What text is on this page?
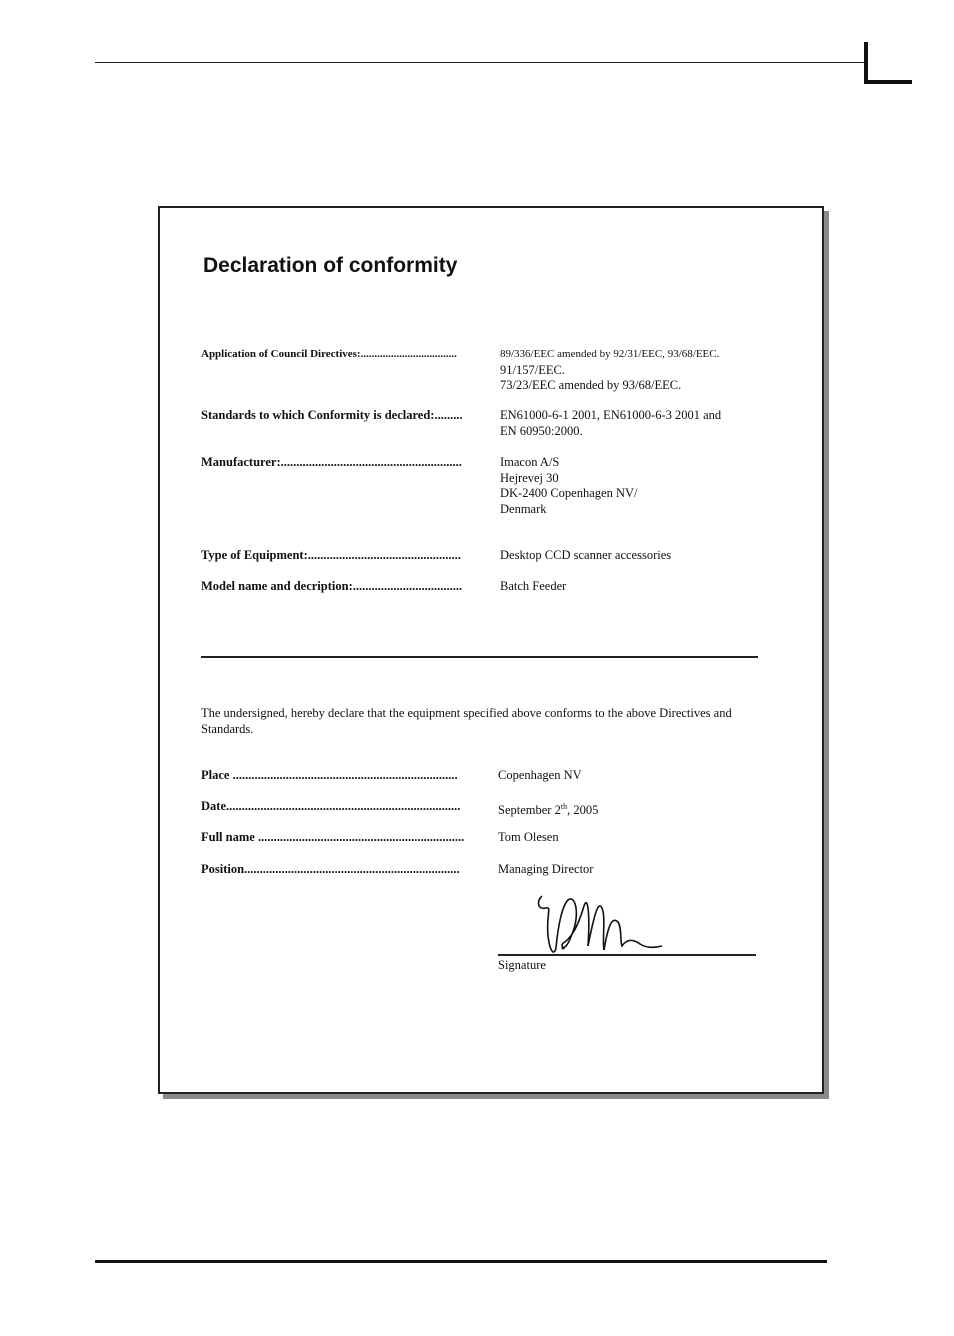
Declaration of conformity
Application of Council Directives:...................................	89/336/EEC amended by 92/31/EEC, 93/68/EEC.
91/157/EEC.
73/23/EEC amended by 93/68/EEC.
Standards to which Conformity is declared:.........	EN61000-6-1 2001, EN61000-6-3 2001 and
EN 60950:2000.
Manufacturer:..........................................................	Imacon A/S
Hejrevej 30
DK-2400 Copenhagen NV/
Denmark
Type of Equipment:.................................................	Desktop CCD scanner accessories
Model name and decription:...................................	Batch Feeder

The undersigned, hereby declare that the equipment specified above conforms to the above Directives and Standards.

Place ........................................................................	Copenhagen NV
Date...........................................................................	September 2th, 2005
Full name ..................................................................	Tom Olesen
Position.....................................................................	Managing Director
Signature
